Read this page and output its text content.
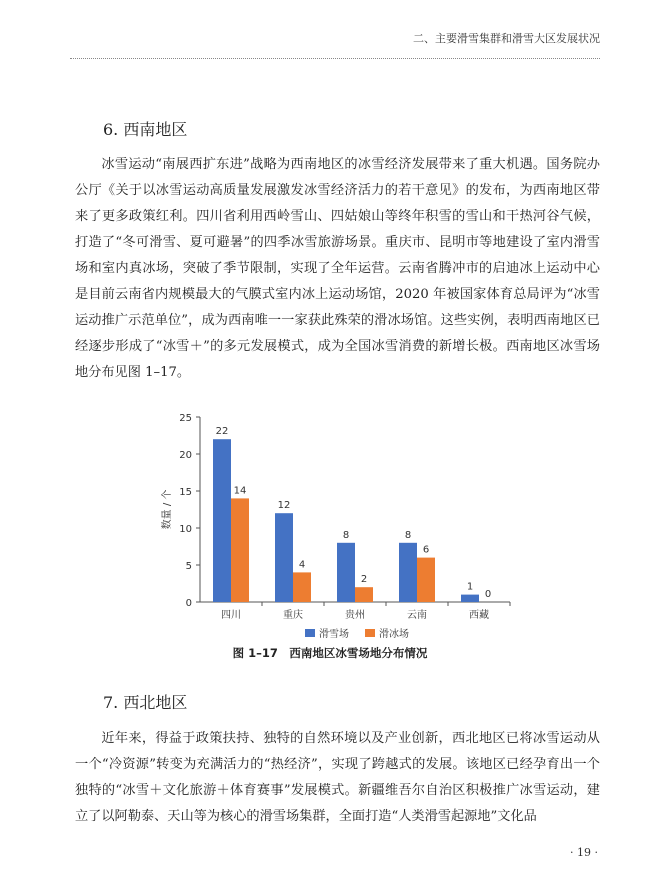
二、主要滑雪集群和滑雪大区发展状况
6. 西南地区

冰雪运动“南展西扩东进”战略为西南地区的冰雪经济发展带来了重大机遇。国务院办公厅《关于以冰雪运动高质量发展激发冰雪经济活力的若干意见》的发布，为西南地区带来了更多政策红利。四川省利用西岭雪山、四姑娘山等终年积雪的雪山和干热河谷气候，打造了“冬可滑雪、夏可避暑”的四季冰雪旅游场景。重庆市、昆明市等地建设了室内滑雪场和室内真冰场，突破了季节限制，实现了全年运营。云南省腾冲市的启迪冰上运动中心是目前云南省内规模最大的气膜式室内冰上运动场馆，2020 年被国家体育总局评为“冰雪运动推广示范单位”，成为西南唯一一家获此殊荣的滑冰场馆。这些实例，表明西南地区已经逐步形成了“冰雪＋”的多元发展模式，成为全国冰雪消费的新增长极。西南地区冰雪场地分布见图 1–17。

0
5
10
15
20
25
数量 / 个
四川
22
14
重庆
12
4
贵州
8
2
云南
8
6
西藏
1
0
滑雪场	滑冰场
图 1–17　西南地区冰雪场地分布情况
7. 西北地区

近年来，得益于政策扶持、独特的自然环境以及产业创新，西北地区已将冰雪运动从一个“冷资源”转变为充满活力的“热经济”，实现了跨越式的发展。该地区已经孕育出一个独特的“冰雪＋文化旅游＋体育赛事”发展模式。新疆维吾尔自治区积极推广冰雪运动，建立了以阿勒泰、天山等为核心的滑雪场集群，全面打造“人类滑雪起源地”文化品

· 19 ·
